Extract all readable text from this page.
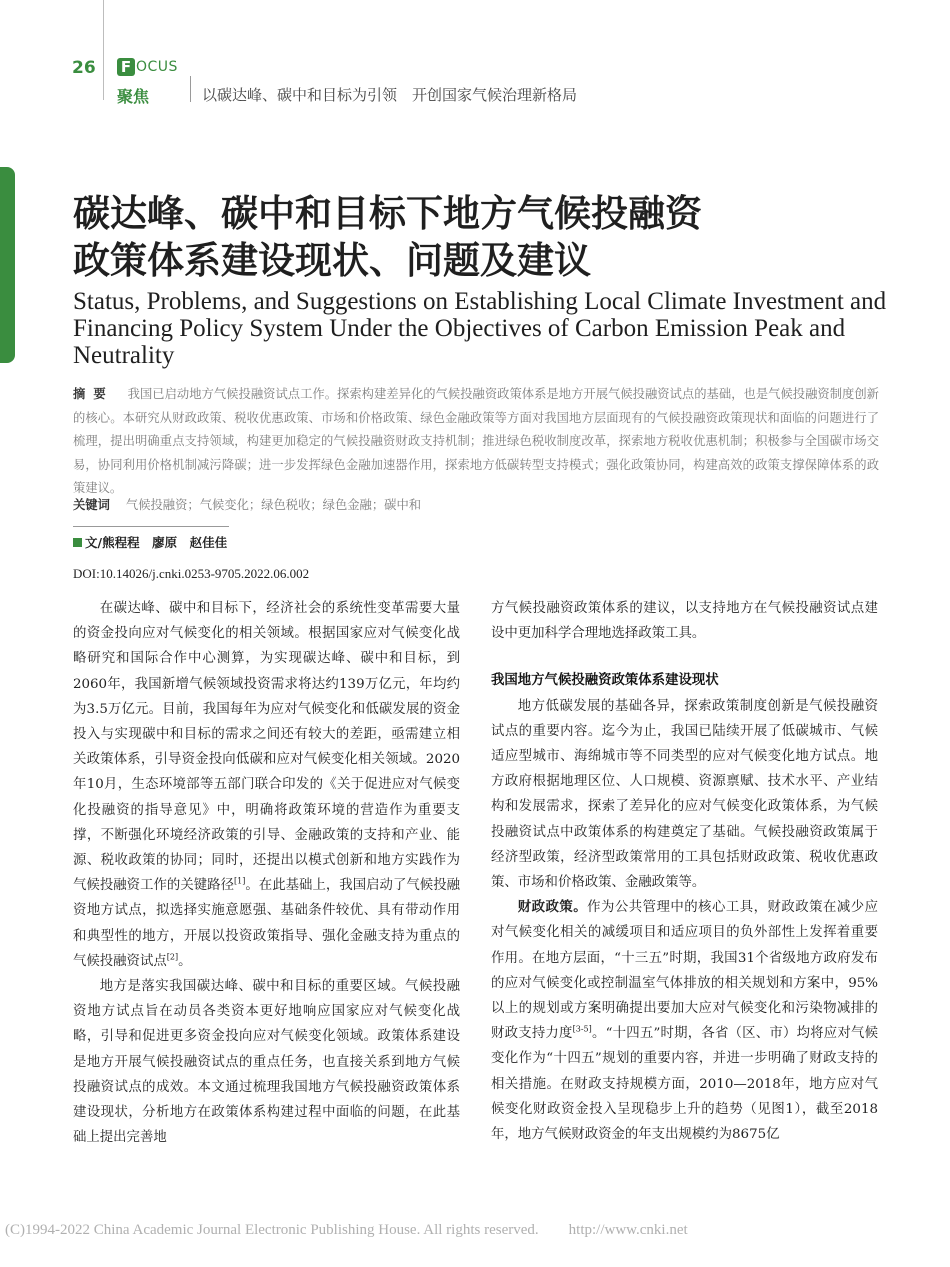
26 F OCUS
聚焦	以碳达峰、碳中和目标为引领　开创国家气候治理新格局
碳达峰、碳中和目标下地方气候投融资
政策体系建设现状、问题及建议
Status, Problems, and Suggestions on Establishing Local Climate Investment and Financing Policy System Under the Objectives of Carbon Emission Peak and Neutrality
摘要 我国已启动地方气候投融资试点工作。探索构建差异化的气候投融资政策体系是地方开展气候投融资试点的基础，也是气候投融资制度创新的核心。本研究从财政政策、税收优惠政策、市场和价格政策、绿色金融政策等方面对我国地方层面现有的气候投融资政策现状和面临的问题进行了梳理，提出明确重点支持领域，构建更加稳定的气候投融资财政支持机制；推进绿色税收制度改革，探索地方税收优惠机制；积极参与全国碳市场交易，协同利用价格机制减污降碳；进一步发挥绿色金融加速器作用，探索地方低碳转型支持模式；强化政策协同，构建高效的政策支撑保障体系的政策建议。
关键词 气候投融资；气候变化；绿色税收；绿色金融；碳中和
文/熊程程　廖原　赵佳佳
DOI:10.14026/j.cnki.0253-9705.2022.06.002

在碳达峰、碳中和目标下，经济社会的系统性变革需要大量的资金投向应对气候变化的相关领域。根据国家应对气候变化战略研究和国际合作中心测算，为实现碳达峰、碳中和目标，到2060年，我国新增气候领域投资需求将达约139万亿元，年均约为3.5万亿元。目前，我国每年为应对气候变化和低碳发展的资金投入与实现碳中和目标的需求之间还有较大的差距，亟需建立相关政策体系，引导资金投向低碳和应对气候变化相关领域。2020年10月，生态环境部等五部门联合印发的《关于促进应对气候变化投融资的指导意见》中，明确将政策环境的营造作为重要支撑，不断强化环境经济政策的引导、金融政策的支持和产业、能源、税收政策的协同；同时，还提出以模式创新和地方实践作为气候投融资工作的关键路径[1]。在此基础上，我国启动了气候投融资地方试点，拟选择实施意愿强、基础条件较优、具有带动作用和典型性的地方，开展以投资政策指导、强化金融支持为重点的气候投融资试点[2]。

地方是落实我国碳达峰、碳中和目标的重要区域。气候投融资地方试点旨在动员各类资本更好地响应国家应对气候变化战略，引导和促进更多资金投向应对气候变化领域。政策体系建设是地方开展气候投融资试点的重点任务，也直接关系到地方气候投融资试点的成效。本文通过梳理我国地方气候投融资政策体系建设现状，分析地方在政策体系构建过程中面临的问题，在此基础上提出完善地

方气候投融资政策体系的建议，以支持地方在气候投融资试点建设中更加科学合理地选择政策工具。

我国地方气候投融资政策体系建设现状

地方低碳发展的基础各异，探索政策制度创新是气候投融资试点的重要内容。迄今为止，我国已陆续开展了低碳城市、气候适应型城市、海绵城市等不同类型的应对气候变化地方试点。地方政府根据地理区位、人口规模、资源禀赋、技术水平、产业结构和发展需求，探索了差异化的应对气候变化政策体系，为气候投融资试点中政策体系的构建奠定了基础。气候投融资政策属于经济型政策，经济型政策常用的工具包括财政政策、税收优惠政策、市场和价格政策、金融政策等。

财政政策。作为公共管理中的核心工具，财政政策在减少应对气候变化相关的减缓项目和适应项目的负外部性上发挥着重要作用。在地方层面，“十三五”时期，我国31个省级地方政府发布的应对气候变化或控制温室气体排放的相关规划和方案中，95%以上的规划或方案明确提出要加大应对气候变化和污染物减排的财政支持力度[3-5]。“十四五”时期，各省（区、市）均将应对气候变化作为“十四五”规划的重要内容，并进一步明确了财政支持的相关措施。在财政支持规模方面，2010—2018年，地方应对气候变化财政资金投入呈现稳步上升的趋势（见图1），截至2018年，地方气候财政资金的年支出规模约为8675亿

(C)1994-2022 China Academic Journal Electronic Publishing House. All rights reserved.　　http://www.cnki.net
